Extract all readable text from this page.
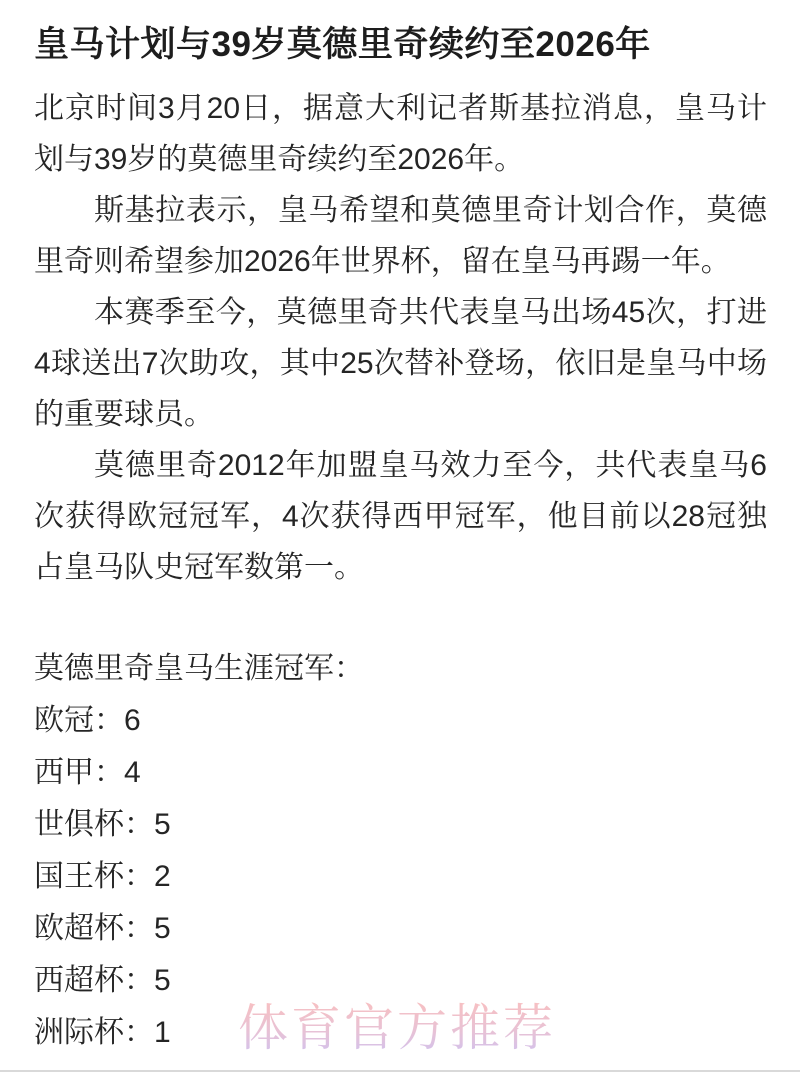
皇马计划与39岁莫德里奇续约至2026年

北京时间3月20日，据意大利记者斯基拉消息，皇马计划与39岁的莫德里奇续约至2026年。

斯基拉表示，皇马希望和莫德里奇计划合作，莫德里奇则希望参加2026年世界杯，留在皇马再踢一年。

本赛季至今，莫德里奇共代表皇马出场45次，打进4球送出7次助攻，其中25次替补登场，依旧是皇马中场的重要球员。

莫德里奇2012年加盟皇马效力至今，共代表皇马6次获得欧冠冠军，4次获得西甲冠军，他目前以28冠独占皇马队史冠军数第一。

莫德里奇皇马生涯冠军：
欧冠：6
西甲：4
世俱杯：5
国王杯：2
欧超杯：5
西超杯：5
洲际杯：1	体育官方推荐
